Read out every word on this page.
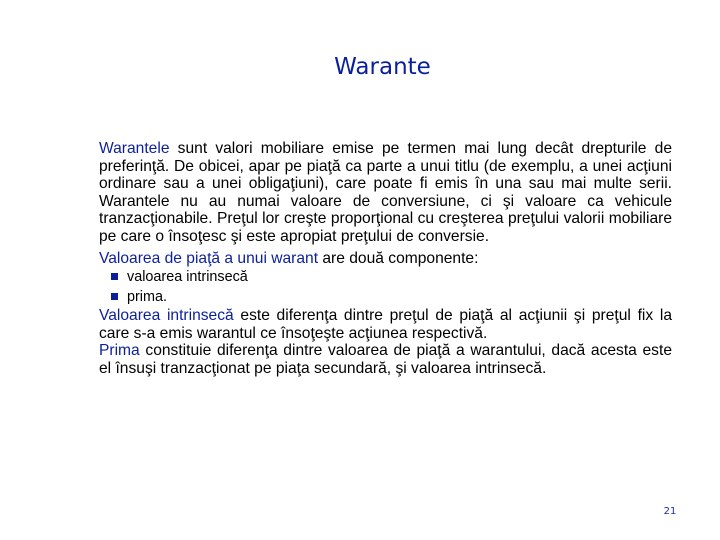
Warante

Warantele sunt valori mobiliare emise pe termen mai lung decât drepturile de preferinţă. De obicei, apar pe piaţă ca parte a unui titlu (de exemplu, a unei acţiuni ordinare sau a unei obligaţiuni), care poate fi emis în una sau mai multe serii. Warantele nu au numai valoare de conversiune, ci şi valoare ca vehicule tranzacţionabile. Preţul lor creşte proporţional cu creşterea preţului valorii mobiliare pe care o însoţesc şi este apropiat preţului de conversie.

Valoarea de piaţă a unui warant are două componente:

valoarea intrinsecă
prima.

Valoarea intrinsecă este diferenţa dintre preţul de piaţă al acţiunii şi preţul fix la care s-a emis warantul ce însoţeşte acţiunea respectivă.

Prima constituie diferenţa dintre valoarea de piaţă a warantului, dacă acesta este el însuşi tranzacţionat pe piaţa secundară, şi valoarea intrinsecă.

21
